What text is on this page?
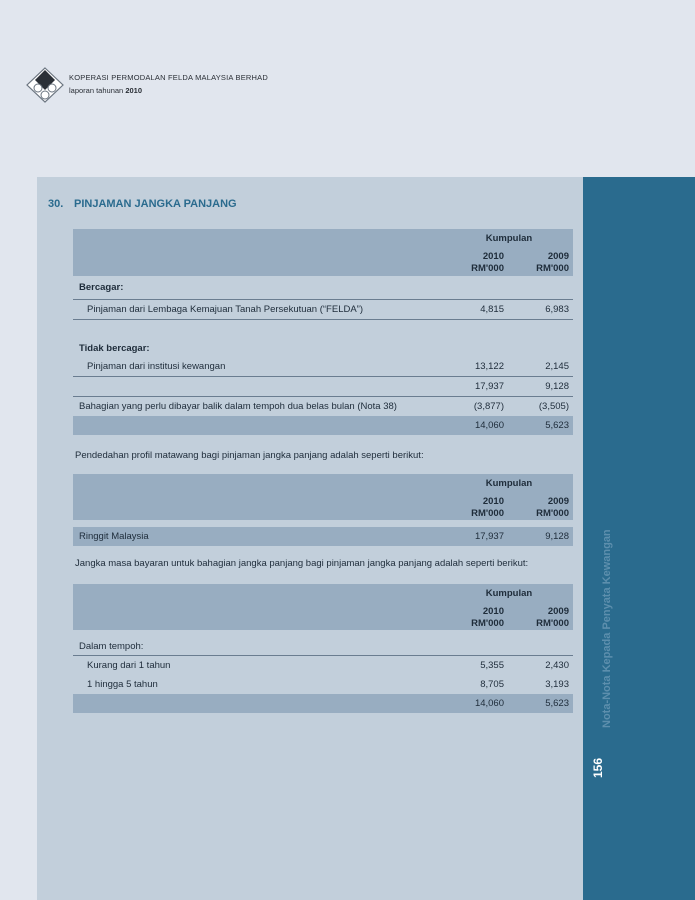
KOPERASI PERMODALAN FELDA MALAYSIA BERHAD
laporan tahunan 2010
Nota-Nota Kepada Penyata Kewangan
156
30. PINJAMAN JANGKA PANJANG
Kumpulan
2010
RM'000
2009
RM'000
Bercagar:
Pinjaman dari Lembaga Kemajuan Tanah Persekutuan (“FELDA”)	4,815	6,983
Tidak bercagar:
Pinjaman dari institusi kewangan	13,122	2,145
17,937	9,128
Bahagian yang perlu dibayar balik dalam tempoh dua belas bulan (Nota 38)	(3,877)	(3,505)
14,060	5,623
Pendedahan profil matawang bagi pinjaman jangka panjang adalah seperti berikut:
Kumpulan
2010
RM'000
2009
RM'000
Ringgit Malaysia	17,937	9,128
Jangka masa bayaran untuk bahagian jangka panjang bagi pinjaman jangka panjang adalah seperti berikut:
Kumpulan
2010
RM'000
2009
RM'000
Dalam tempoh:
Kurang dari 1 tahun	5,355	2,430
1 hingga 5 tahun	8,705	3,193
14,060	5,623
